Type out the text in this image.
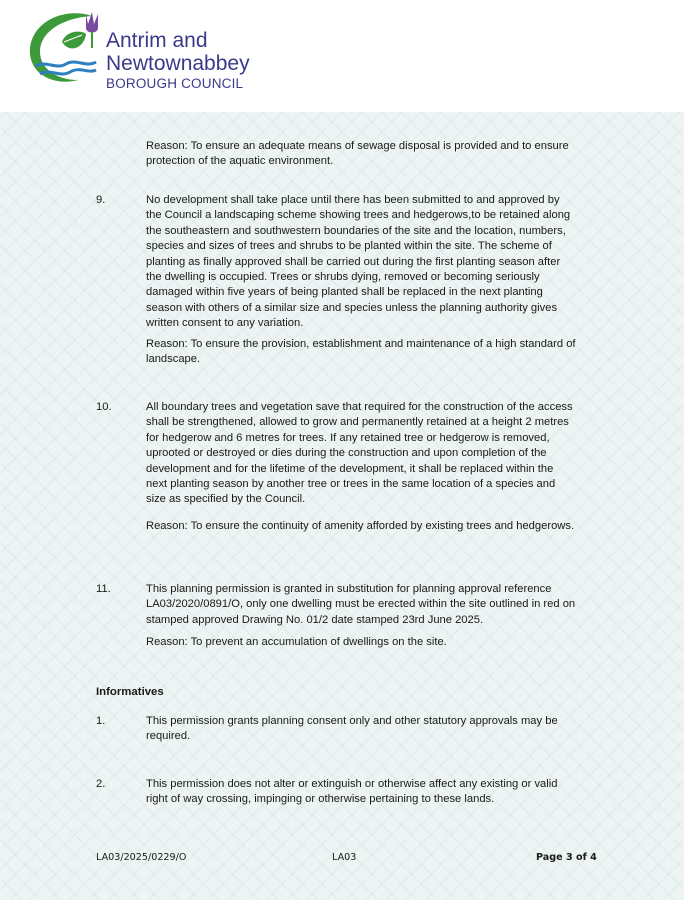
Antrim and
Newtownabbey
BOROUGH COUNCIL
Reason: To ensure an adequate means of sewage disposal is provided and to ensure protection of the aquatic environment.
9.	No development shall take place until there has been submitted to and approved by the Council a landscaping scheme showing trees and hedgerows,to be retained along the southeastern and southwestern boundaries of the site and the location, numbers, species and sizes of trees and shrubs to be planted within the site. The scheme of planting as finally approved shall be carried out during the first planting season after the dwelling is occupied. Trees or shrubs dying, removed or becoming seriously damaged within five years of being planted shall be replaced in the next planting season with others of a similar size and species unless the planning authority gives written consent to any variation.
Reason: To ensure the provision, establishment and maintenance of a high standard of landscape.
10.	All boundary trees and vegetation save that required for the construction of the access shall be strengthened, allowed to grow and permanently retained at a height 2 metres for hedgerow and 6 metres for trees. If any retained tree or hedgerow is removed, uprooted or destroyed or dies during the construction and upon completion of the development and for the lifetime of the development, it shall be replaced within the next planting season by another tree or trees in the same location of a species and size as specified by the Council.
Reason: To ensure the continuity of amenity afforded by existing trees and hedgerows.
11.	This planning permission is granted in substitution for planning approval reference LA03/2020/0891/O, only one dwelling must be erected within the site outlined in red on stamped approved Drawing No. 01/2 date stamped 23rd June 2025.
Reason: To prevent an accumulation of dwellings on the site.
Informatives
1.	This permission grants planning consent only and other statutory approvals may be required.
2.	This permission does not alter or extinguish or otherwise affect any existing or valid right of way crossing, impinging or otherwise pertaining to these lands.
LA03/2025/0229/O	LA03	Page 3 of 4
